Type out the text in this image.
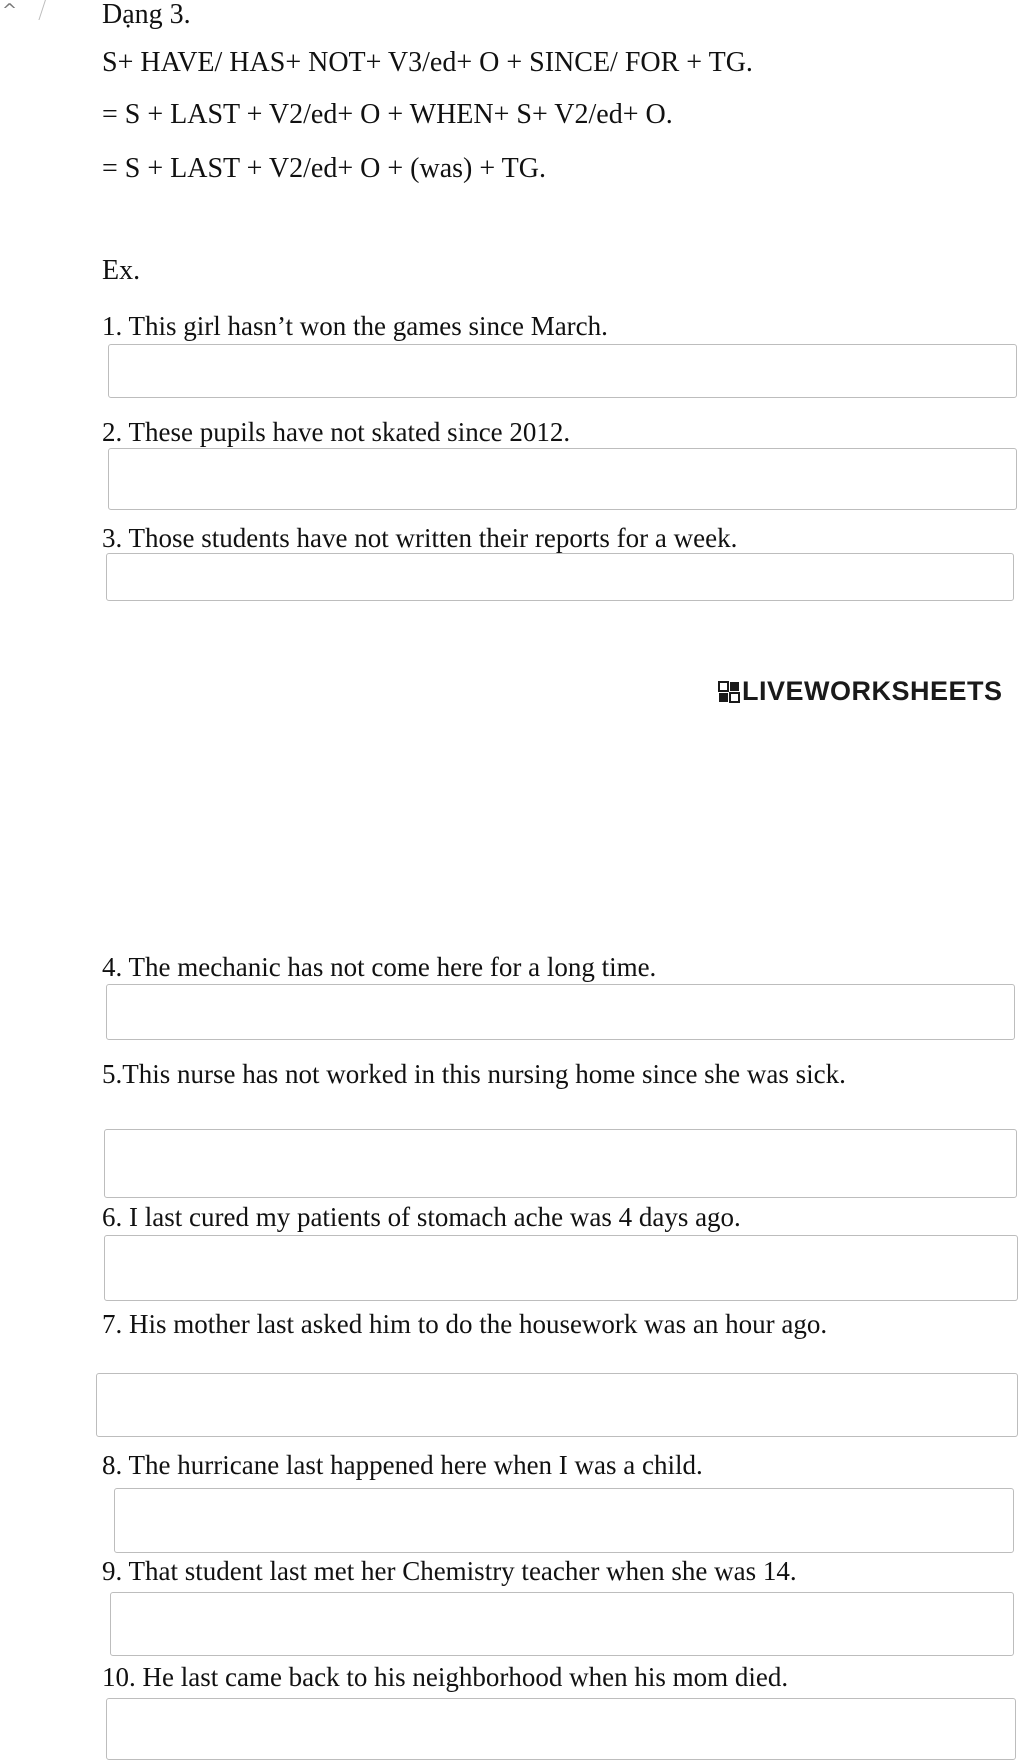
^	Dạng 3.
S+ HAVE/ HAS+ NOT+ V3/ed+ O + SINCE/ FOR + TG.
= S + LAST + V2/ed+ O + WHEN+ S+ V2/ed+ O.
= S + LAST + V2/ed+ O + (was) + TG.
Ex.
1. This girl hasn’t won the games since March.
2. These pupils have not skated since 2012.
3. Those students have not written their reports for a week.
LIVEWORKSHEETS
4. The mechanic has not come here for a long time.
5.This nurse has not worked in this nursing home since she was sick.
6. I last cured my patients of stomach ache was 4 days ago.
7. His mother last asked him to do the housework was an hour ago.
8. The hurricane last happened here when I was a child.
9. That student last met her Chemistry teacher when she was 14.
10. He last came back to his neighborhood when his mom died.
